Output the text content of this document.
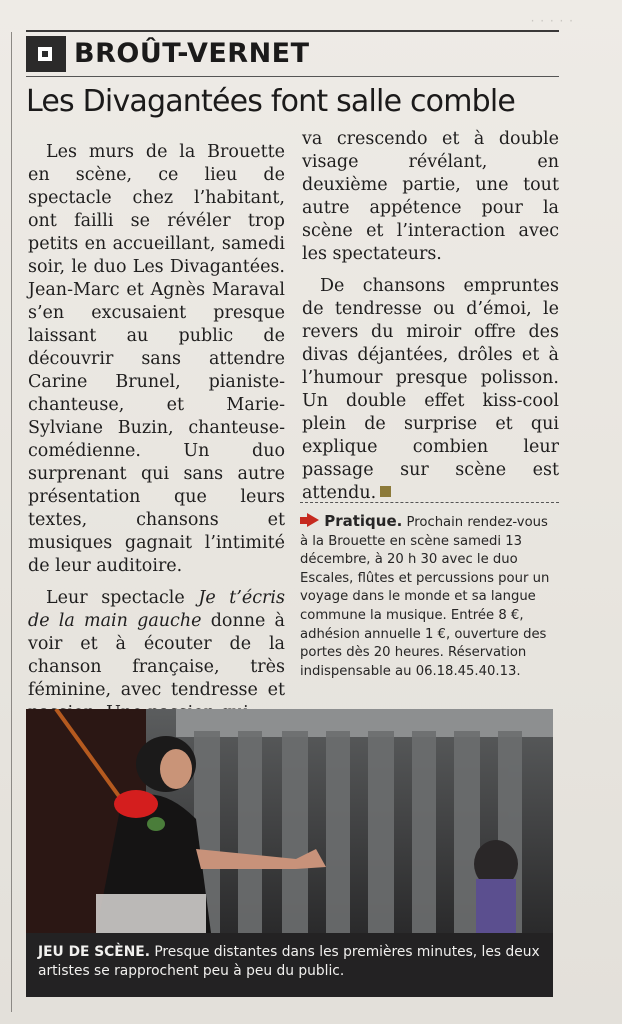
· · · · ·
BROÛT-VERNET
Les Divagantées font salle comble

Les murs de la Brouette en scène, ce lieu de spectacle chez l’habitant, ont failli se révéler trop petits en accueillant, samedi soir, le duo Les Divagantées. Jean-Marc et Agnès Maraval s’en excusaient presque laissant au public de découvrir sans attendre Carine Brunel, pianiste-chanteuse, et Marie-Sylviane Buzin, chanteuse-comédienne. Un duo surprenant qui sans autre présentation que leurs textes, chansons et musiques gagnait l’intimité de leur auditoire.

Leur spectacle Je t’écris de la main gauche donne à voir et à écouter de la chanson française, très féminine, avec tendresse et

va crescendo et à double visage révélant, en deuxième partie, une tout autre appétence pour la scène et l’interaction avec les spectateurs.

De chansons empruntes de tendresse ou d’émoi, le revers du miroir offre des divas déjantées, drôles et à l’humour presque polisson. Un double effet kiss-cool plein de surprise et qui explique combien leur passage sur scène est attendu.

Pratique. Prochain rendez-vous à la Brouette en scène samedi 13 décembre, à 20 h 30 avec le duo Escales, flûtes et percussions pour un voyage dans le monde et sa langue commune la musique. Entrée 8 €, adhésion annuelle 1 €, ouverture des portes dès 20 heures. Réservation indispensable au 06.18.45.40.13.
JEU DE SCÈNE. Presque distantes dans les premières minutes, les deux artistes se rapprochent peu à peu du public.
